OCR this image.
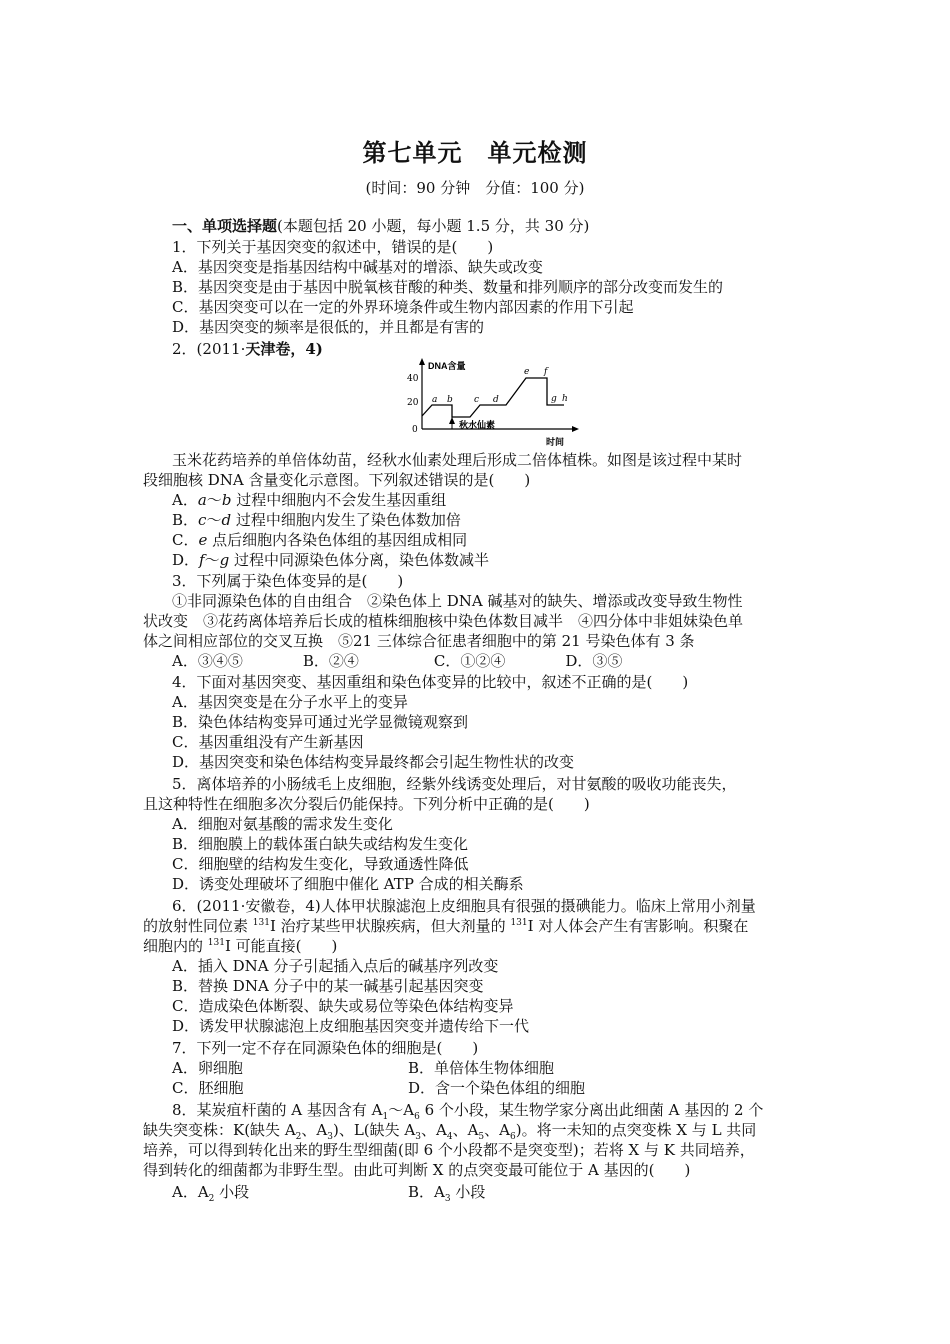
第七单元　单元检测
(时间：90 分钟　分值：100 分)
一、单项选择题(本题包括 20 小题，每小题 1.5 分，共 30 分)
1．下列关于基因突变的叙述中，错误的是(　　)
A．基因突变是指基因结构中碱基对的增添、缺失或改变
B．基因突变是由于基因中脱氧核苷酸的种类、数量和排列顺序的部分改变而发生的
C．基因突变可以在一定的外界环境条件或生物内部因素的作用下引起
D．基因突变的频率是很低的，并且都是有害的
2．(2011·天津卷，4)
DNA含量
时间
40
20
0	秋水仙素
a b c d
e f
g h
玉米花药培养的单倍体幼苗，经秋水仙素处理后形成二倍体植株。如图是该过程中某时
段细胞核 DNA 含量变化示意图。下列叙述错误的是(　　)
A．a～b 过程中细胞内不会发生基因重组
B．c～d 过程中细胞内发生了染色体数加倍
C．e 点后细胞内各染色体组的基因组成相同
D．f～g 过程中同源染色体分离，染色体数减半
3．下列属于染色体变异的是(　　)
①非同源染色体的自由组合　②染色体上 DNA 碱基对的缺失、增添或改变导致生物性
状改变　③花药离体培养后长成的植株细胞核中染色体数目减半　④四分体中非姐妹染色单
体之间相应部位的交叉互换　⑤21 三体综合征患者细胞中的第 21 号染色体有 3 条
A．③④⑤　　　　B．②④　　　　　C．①②④　　　　D．③⑤
4．下面对基因突变、基因重组和染色体变异的比较中，叙述不正确的是(　　)
A．基因突变是在分子水平上的变异
B．染色体结构变异可通过光学显微镜观察到
C．基因重组没有产生新基因
D．基因突变和染色体结构变异最终都会引起生物性状的改变
5．离体培养的小肠绒毛上皮细胞，经紫外线诱变处理后，对甘氨酸的吸收功能丧失，
且这种特性在细胞多次分裂后仍能保持。下列分析中正确的是(　　)
A．细胞对氨基酸的需求发生变化
B．细胞膜上的载体蛋白缺失或结构发生变化
C．细胞壁的结构发生变化，导致通透性降低
D．诱变处理破坏了细胞中催化 ATP 合成的相关酶系
6．(2011·安徽卷，4)人体甲状腺滤泡上皮细胞具有很强的摄碘能力。临床上常用小剂量
的放射性同位素 $^{131}$I 治疗某些甲状腺疾病，但大剂量的 $^{131}$I 对人体会产生有害影响。积聚在
细胞内的 $^{131}$I 可能直接(　　)
A．插入 DNA 分子引起插入点后的碱基序列改变
B．替换 DNA 分子中的某一碱基引起基因突变
C．造成染色体断裂、缺失或易位等染色体结构变异
D．诱发甲状腺滤泡上皮细胞基因突变并遗传给下一代
7．下列一定不存在同源染色体的细胞是(　　)
A．卵细胞	B．单倍体生物体细胞
C．胚细胞	D．含一个染色体组的细胞
8．某炭疽杆菌的 A 基因含有 $A_1\sim A_6$ 6 个小段，某生物学家分离出此细菌 A 基因的 2 个
缺失突变株：K(缺失 $A_2$、$A_3$)、L(缺失 $A_3$、$A_4$、$A_5$、$A_6$)。将一未知的点突变株 X 与 L 共同
培养，可以得到转化出来的野生型细菌(即 6 个小段都不是突变型)；若将 X 与 K 共同培养，
得到转化的细菌都为非野生型。由此可判断 X 的点突变最可能位于 A 基因的(　　)
A．$A_2$ 小段	B．$A_3$ 小段
